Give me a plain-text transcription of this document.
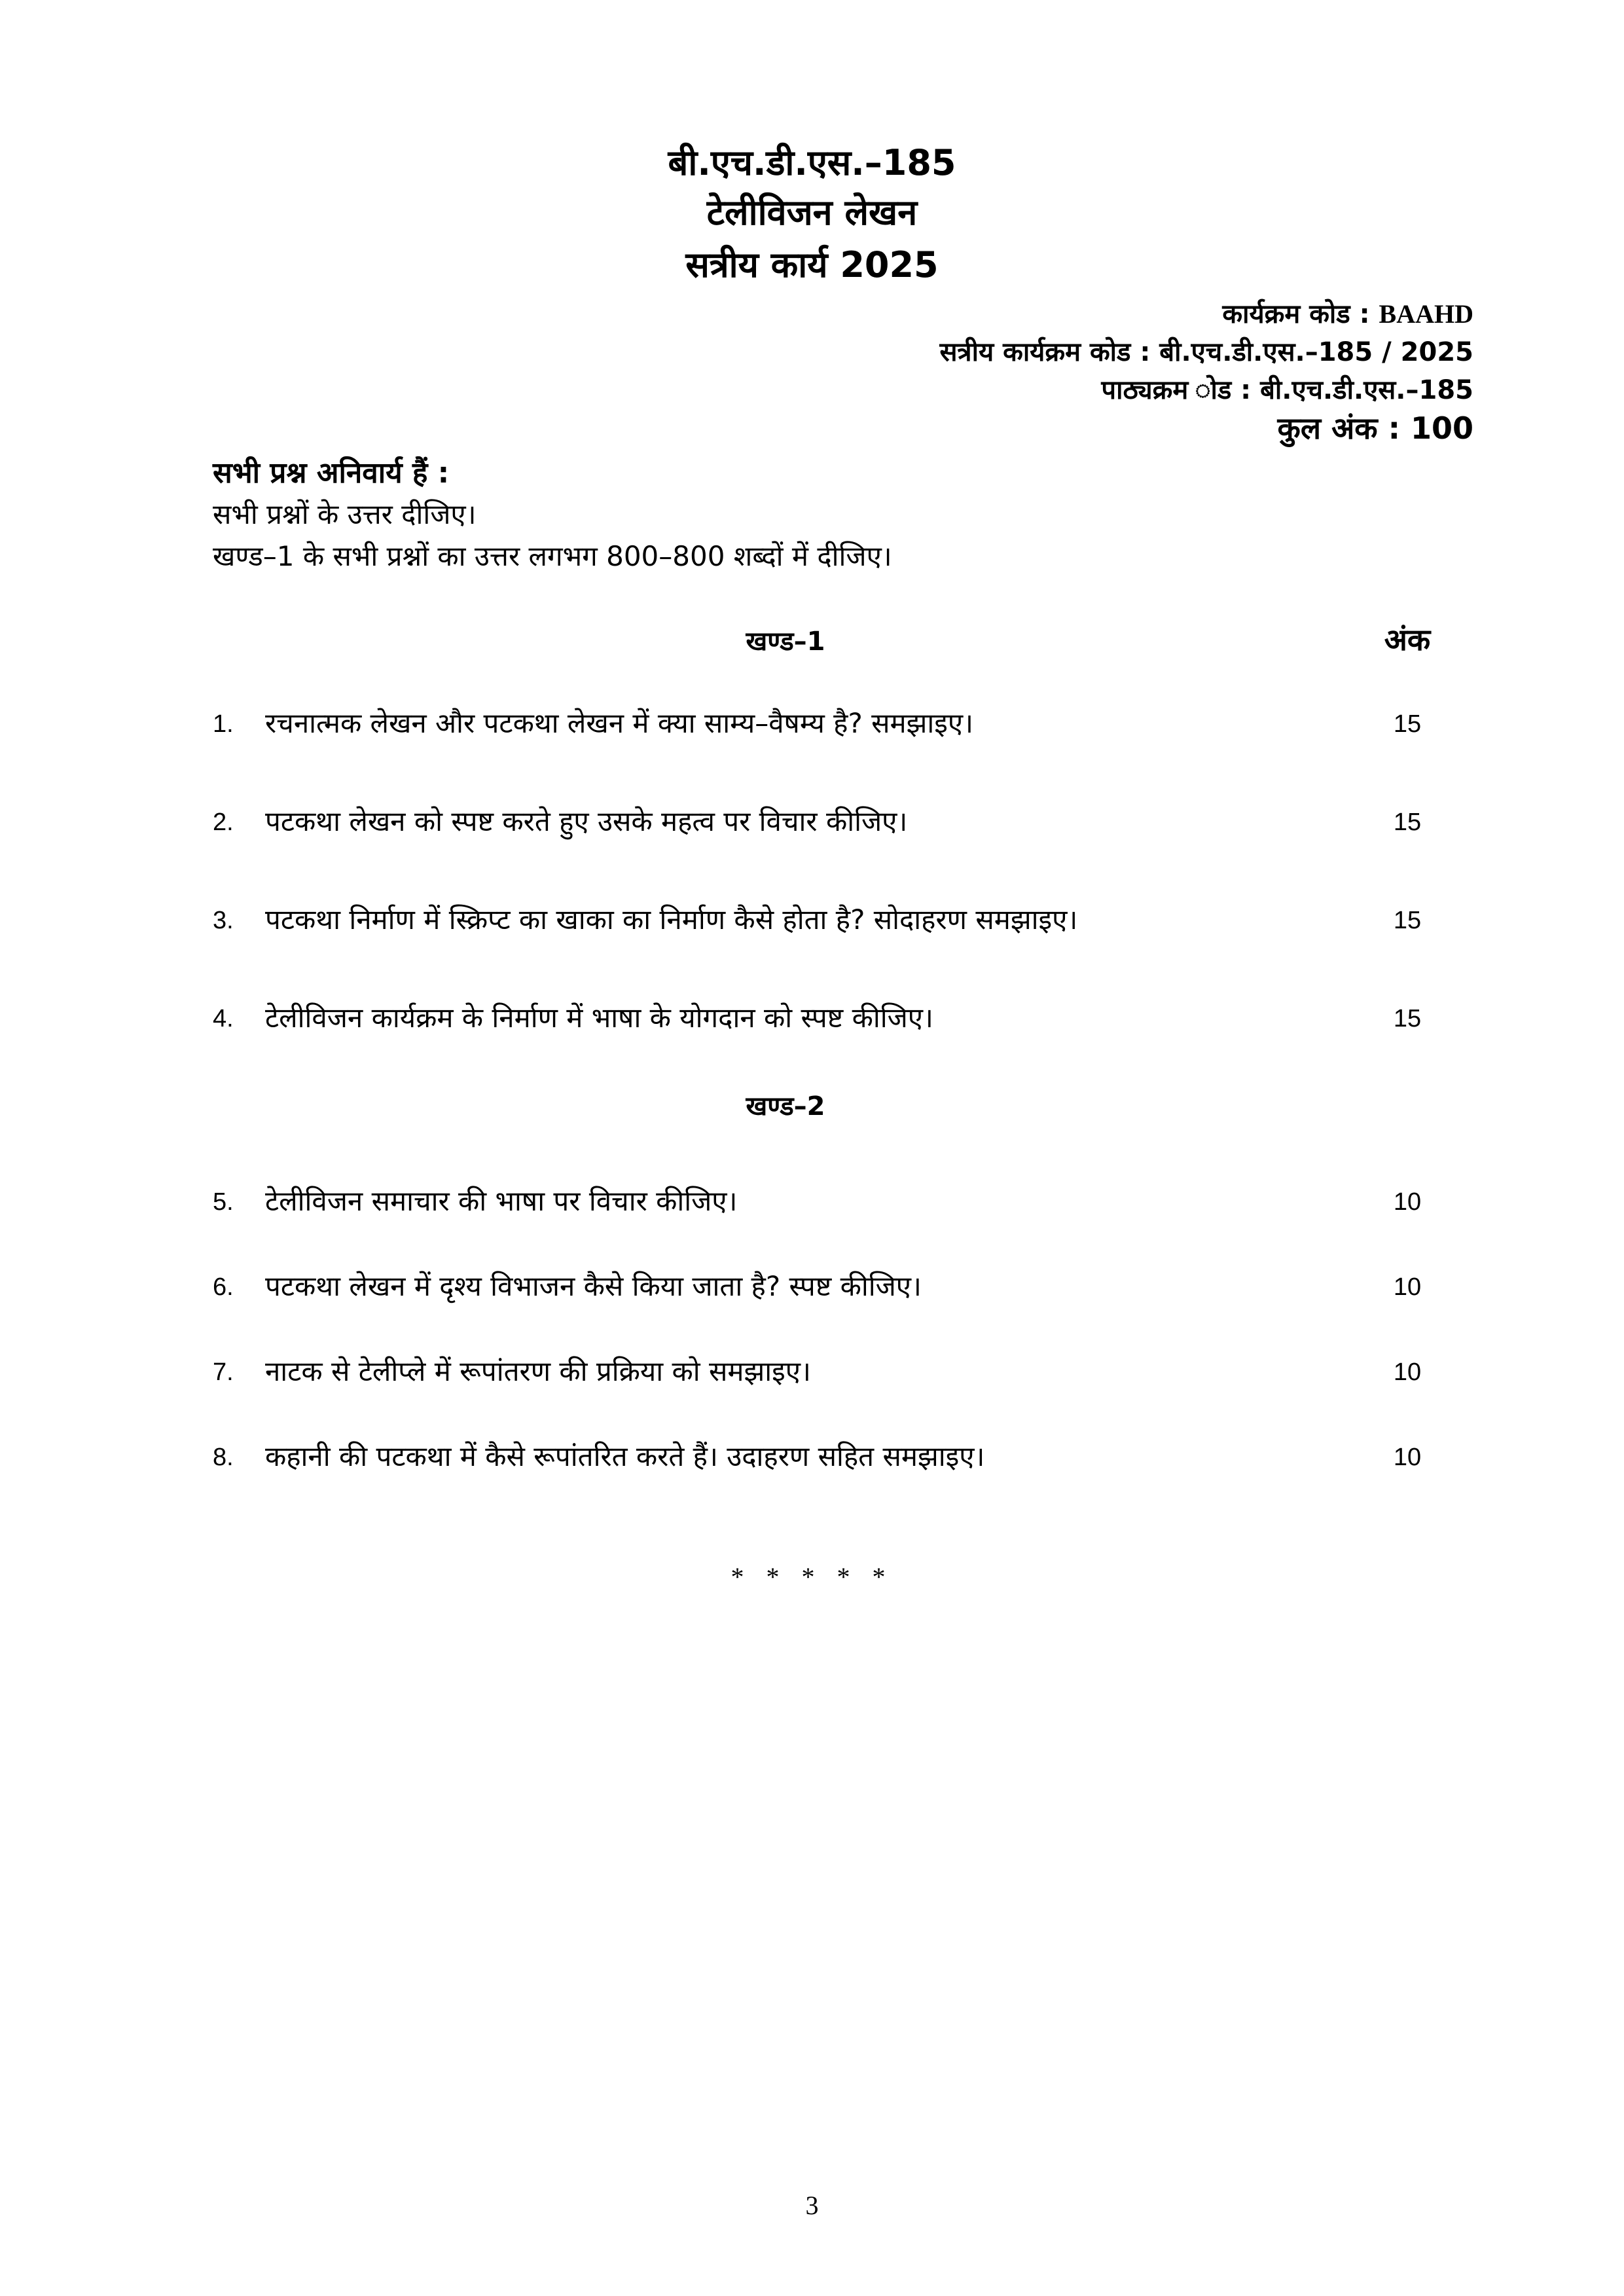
बी.एच.डी.एस.–185
टेलीविजन लेखन
सत्रीय कार्य 2025
कार्यक्रम कोड : BAAHD
सत्रीय कार्यक्रम कोड : बी.एच.डी.एस.–185 / 2025
पाठ्यक्रम ोड : बी.एच.डी.एस.–185
कुल अंक : 100
सभी प्रश्न अनिवार्य हैं :
सभी प्रश्नों के उत्तर दीजिए।
खण्ड–1 के सभी प्रश्नों का उत्तर लगभग 800–800 शब्दों में दीजिए।
खण्ड–1	अंक
1. रचनात्मक लेखन और पटकथा लेखन में क्या साम्य–वैषम्य है? समझाइए।	15
2. पटकथा लेखन को स्पष्ट करते हुए उसके महत्व पर विचार कीजिए।	15
3. पटकथा निर्माण में स्क्रिप्ट का खाका का निर्माण कैसे होता है? सोदाहरण समझाइए।	15
4. टेलीविजन कार्यक्रम के निर्माण में भाषा के योगदान को स्पष्ट कीजिए।	15
खण्ड–2
5. टेलीविजन समाचार की भाषा पर विचार कीजिए।	10
6. पटकथा लेखन में दृश्य विभाजन कैसे किया जाता है? स्पष्ट कीजिए।	10
7. नाटक से टेलीप्ले में रूपांतरण की प्रक्रिया को समझाइए।	10
8. कहानी की पटकथा में कैसे रूपांतरित करते हैं। उदाहरण सहित समझाइए।	10
* * * * *
3
